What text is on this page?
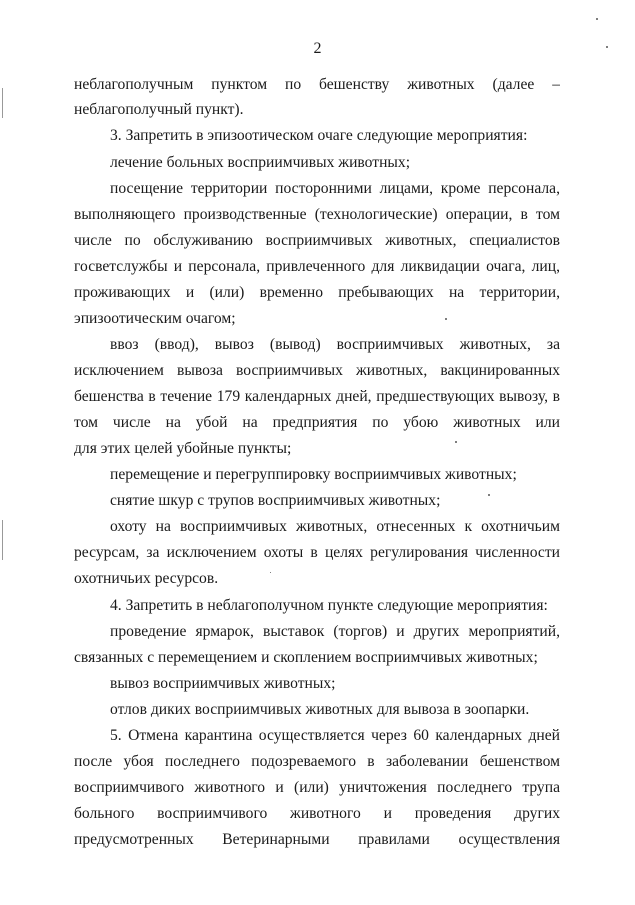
2
неблагополучным пунктом по бешенству животных (далее –
неблагополучный пункт).
3. Запретить в эпизоотическом очаге следующие мероприятия:
лечение больных восприимчивых животных;
посещение территории посторонними лицами, кроме персонала,
выполняющего производственные (технологические) операции, в том
числе по обслуживанию восприимчивых животных, специалистов
госветслужбы и персонала, привлеченного для ликвидации очага, лиц,
проживающих и (или) временно пребывающих на территории,
эпизоотическим очагом;
ввоз (ввод), вывоз (вывод) восприимчивых животных, за
исключением вывоза восприимчивых животных, вакцинированных
бешенства в течение 179 календарных дней, предшествующих вывозу, в
том числе на убой на предприятия по убою животных или
для этих целей убойные пункты;
перемещение и перегруппировку восприимчивых животных;
снятие шкур с трупов восприимчивых животных;
охоту на восприимчивых животных, отнесенных к охотничьим
ресурсам, за исключением охоты в целях регулирования численности
охотничьих ресурсов.
4. Запретить в неблагополучном пункте следующие мероприятия:
проведение ярмарок, выставок (торгов) и других мероприятий,
связанных с перемещением и скоплением восприимчивых животных;
вывоз восприимчивых животных;
отлов диких восприимчивых животных для вывоза в зоопарки.
5. Отмена карантина осуществляется через 60 календарных дней
после убоя последнего подозреваемого в заболевании бешенством
восприимчивого животного и (или) уничтожения последнего трупа
больного восприимчивого животного и проведения других
предусмотренных Ветеринарными правилами осуществления
